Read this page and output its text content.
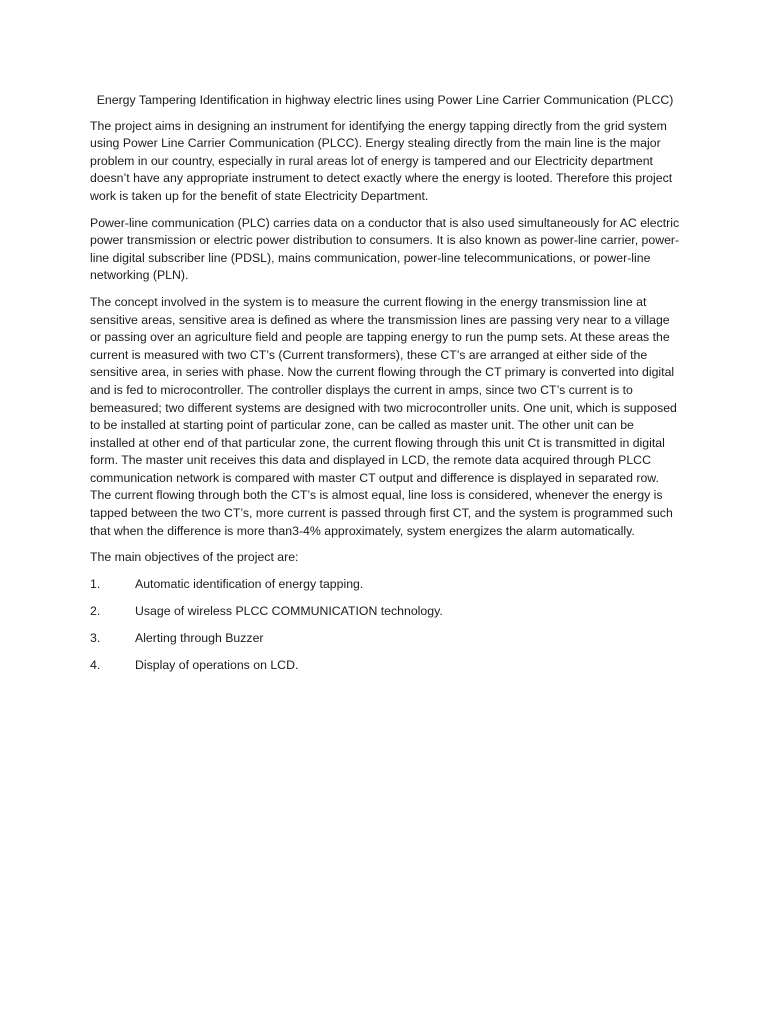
Energy Tampering Identification in highway electric lines using Power Line Carrier Communication (PLCC)

The project aims in designing an instrument for identifying the energy tapping directly from the grid system using Power Line Carrier Communication (PLCC). Energy stealing directly from the main line is the major problem in our country, especially in rural areas lot of energy is tampered and our Electricity department doesn’t have any appropriate instrument to detect exactly where the energy is looted. Therefore this project work is taken up for the benefit of state Electricity Department.

Power-line communication (PLC) carries data on a conductor that is also used simultaneously for AC electric power transmission or electric power distribution to consumers. It is also known as power-line carrier, power-line digital subscriber line (PDSL), mains communication, power-line telecommunications, or power-line networking (PLN).

The concept involved in the system is to measure the current flowing in the energy transmission line at sensitive areas, sensitive area is defined as where the transmission lines are passing very near to a village or passing over an agriculture field and people are tapping energy to run the pump sets. At these areas the current is measured with two CT’s (Current transformers), these CT’s are arranged at either side of the sensitive area, in series with phase. Now the current flowing through the CT primary is converted into digital and is fed to microcontroller. The controller displays the current in amps, since two CT’s current is to bemeasured; two different systems are designed with two microcontroller units. One unit, which is supposed to be installed at starting point of particular zone, can be called as master unit. The other unit can be installed at other end of that particular zone, the current flowing through this unit Ct is transmitted in digital form. The master unit receives this data and displayed in LCD, the remote data acquired through PLCC communication network is compared with master CT output and difference is displayed in separated row. The current flowing through both the CT’s is almost equal, line loss is considered, whenever the energy is tapped between the two CT’s, more current is passed through first CT, and the system is programmed such that when the difference is more than3-4% approximately, system energizes the alarm automatically.

The main objectives of the project are:

1.	Automatic identification of energy tapping.
2.	Usage of wireless PLCC COMMUNICATION technology.
3.	Alerting through Buzzer
4.	Display of operations on LCD.
